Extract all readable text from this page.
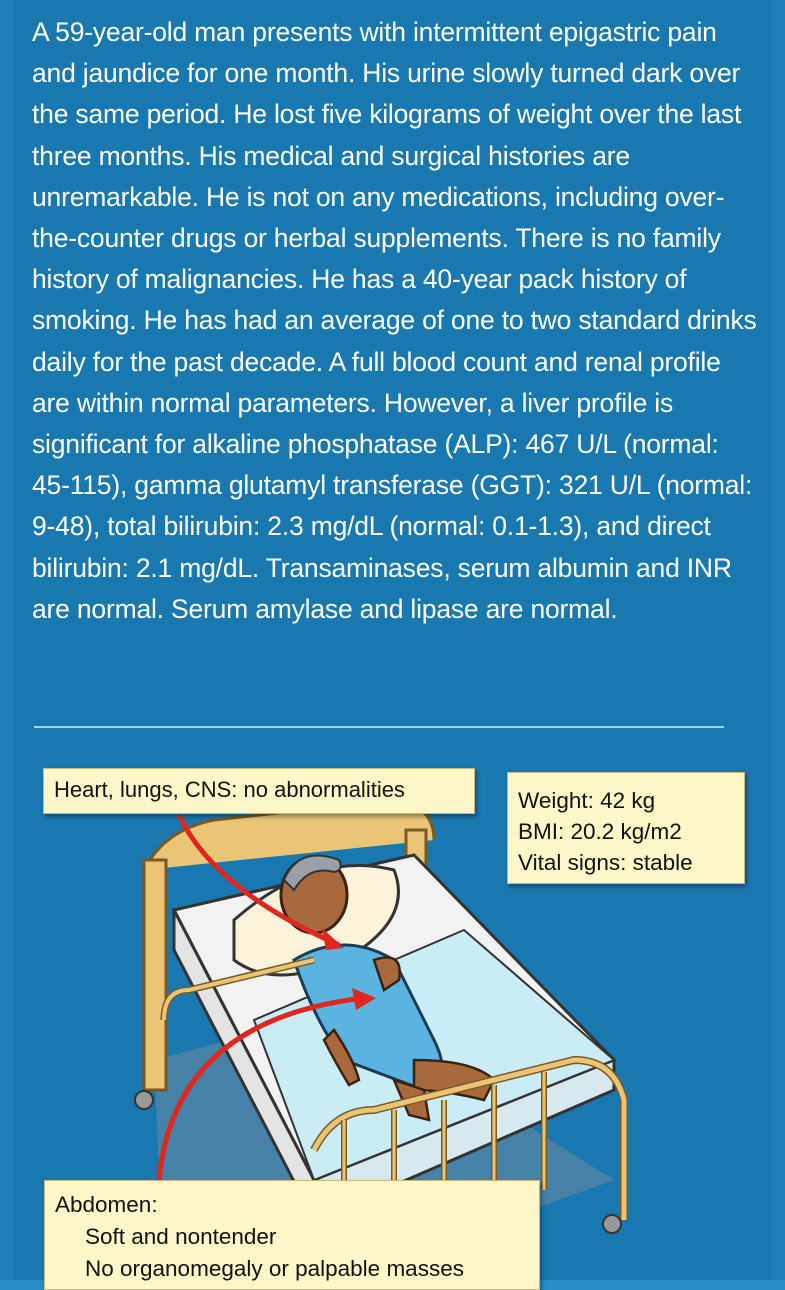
A 59-year-old man presents with intermittent epigastric pain and jaundice for one month. His urine slowly turned dark over the same period. He lost five kilograms of weight over the last three months. His medical and surgical histories are unremarkable. He is not on any medications, including over-the-counter drugs or herbal supplements. There is no family history of malignancies. He has a 40-year pack history of smoking. He has had an average of one to two standard drinks daily for the past decade. A full blood count and renal profile are within normal parameters. However, a liver profile is significant for alkaline phosphatase (ALP): 467 U/L (normal: 45-115), gamma glutamyl transferase (GGT): 321 U/L (normal: 9-48), total bilirubin: 2.3 mg/dL (normal: 0.1-1.3), and direct bilirubin: 2.1 mg/dL. Transaminases, serum albumin and INR are normal. Serum amylase and lipase are normal.

Heart, lungs, CNS: no abnormalities	Weight: 42 kg
BMI: 20.2 kg/m2
Vital signs: stable
Abdomen:
Soft and nontender
No organomegaly or palpable masses
